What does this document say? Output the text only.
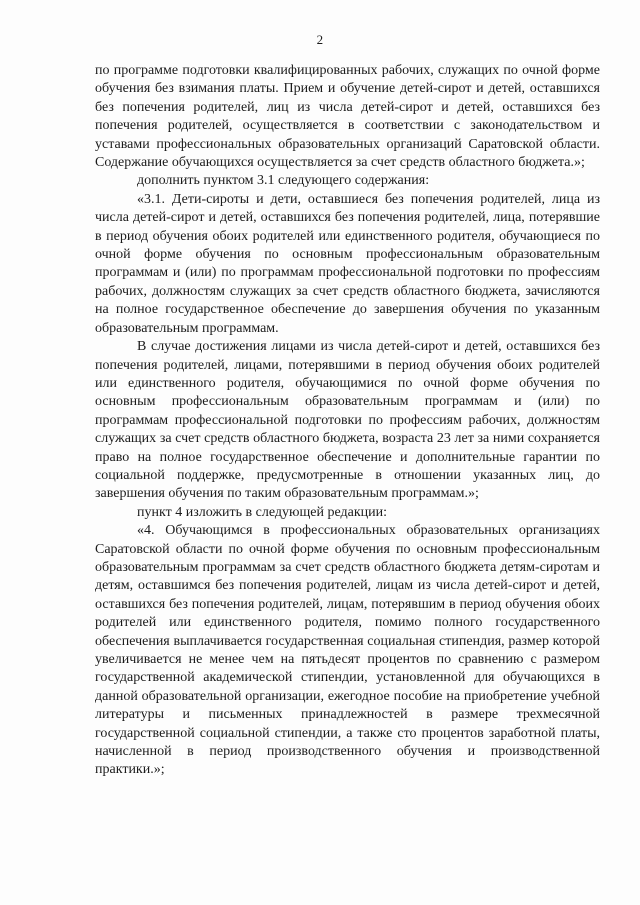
2

по программе подготовки квалифицированных рабочих, служащих по очной форме обучения без взимания платы. Прием и обучение детей-сирот и детей, оставшихся без попечения родителей, лиц из числа детей-сирот и детей, оставшихся без попечения родителей, осуществляется в соответствии с законодательством и уставами профессиональных образовательных организаций Саратовской области. Содержание обучающихся осуществляется за счет средств областного бюджета.»;

дополнить пунктом 3.1 следующего содержания:

«3.1. Дети-сироты и дети, оставшиеся без попечения родителей, лица из числа детей-сирот и детей, оставшихся без попечения родителей, лица, потерявшие в период обучения обоих родителей или единственного родителя, обучающиеся по очной форме обучения по основным профессиональным образовательным программам и (или) по программам профессиональной подготовки по профессиям рабочих, должностям служащих за счет средств областного бюджета, зачисляются на полное государственное обеспечение до завершения обучения по указанным образовательным программам.

В случае достижения лицами из числа детей-сирот и детей, оставшихся без попечения родителей, лицами, потерявшими в период обучения обоих родителей или единственного родителя, обучающимися по очной форме обучения по основным профессиональным образовательным программам и (или) по программам профессиональной подготовки по профессиям рабочих, должностям служащих за счет средств областного бюджета, возраста 23 лет за ними сохраняется право на полное государственное обеспечение и дополнительные гарантии по социальной поддержке, предусмотренные в отношении указанных лиц, до завершения обучения по таким образовательным программам.»;

пункт 4 изложить в следующей редакции:

«4. Обучающимся в профессиональных образовательных организациях Саратовской области по очной форме обучения по основным профессиональным образовательным программам за счет средств областного бюджета детям-сиротам и детям, оставшимся без попечения родителей, лицам из числа детей-сирот и детей, оставшихся без попечения родителей, лицам, потерявшим в период обучения обоих родителей или единственного родителя, помимо полного государственного обеспечения выплачивается государственная социальная стипендия, размер которой увеличивается не менее чем на пятьдесят процентов по сравнению с размером государственной академической стипендии, установленной для обучающихся в данной образовательной организации, ежегодное пособие на приобретение учебной литературы и письменных принадлежностей в размере трехмесячной государственной социальной стипендии, а также сто процентов заработной платы, начисленной в период производственного обучения и производственной практики.»;
